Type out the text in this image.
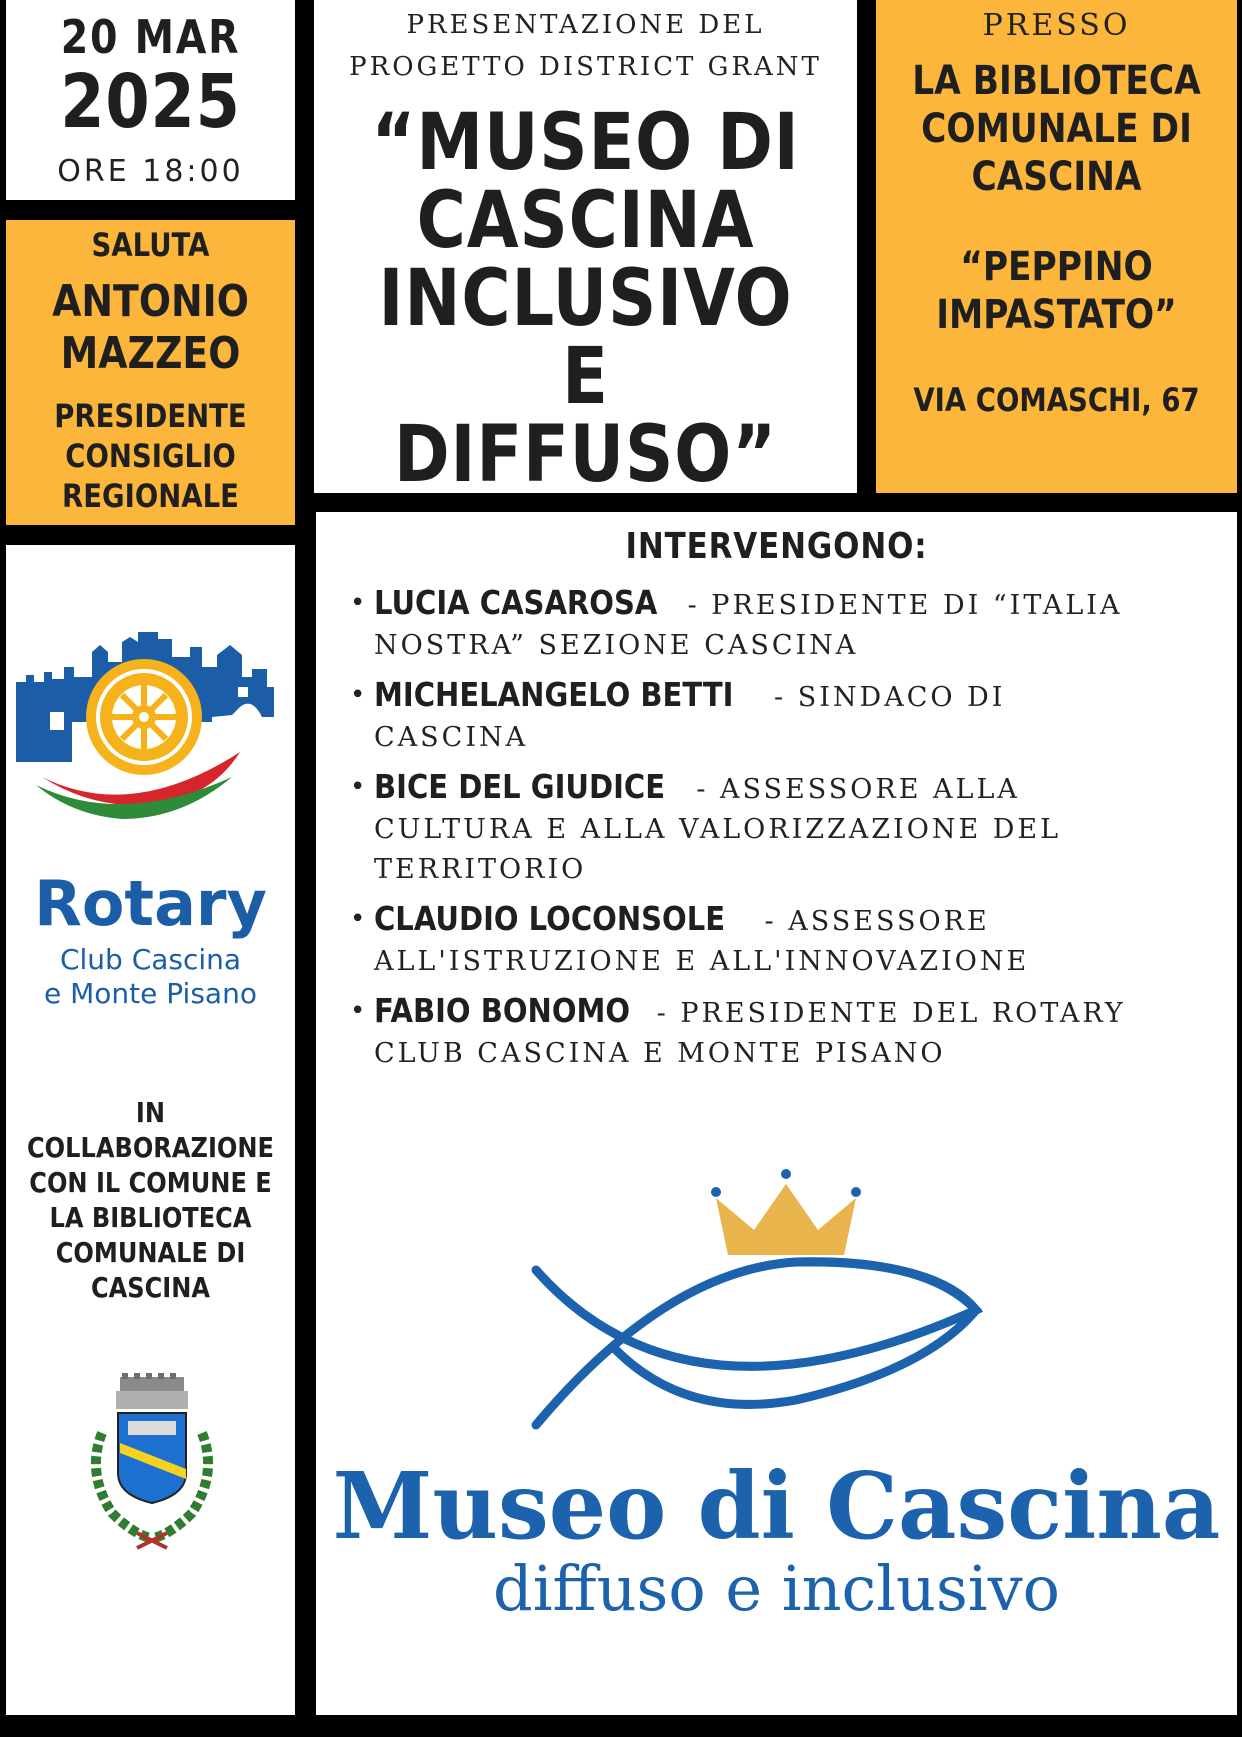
20 MAR
2025
ORE 18:00
SALUTA
ANTONIO
MAZZEO
PRESIDENTE
CONSIGLIO
REGIONALE
PRESENTAZIONE DEL
PROGETTO DISTRICT GRANT
“MUSEO DI
CASCINA
INCLUSIVO E
DIFFUSO”
PRESSO
LA BIBLIOTECA
COMUNALE DI
CASCINA
“PEPPINO
IMPASTATO”
VIA COMASCHI, 67
Rotary
Club Cascina
e Monte Pisano
IN
COLLABORAZIONE
CON IL COMUNE E
LA BIBLIOTECA
COMUNALE DI
CASCINA
INTERVENGONO:
• LUCIA CASAROSA - PRESIDENTE DI “ITALIA NOSTRA” SEZIONE CASCINA
• MICHELANGELO BETTI - SINDACO DI CASCINA
• BICE DEL GIUDICE - ASSESSORE ALLA CULTURA E ALLA VALORIZZAZIONE DEL TERRITORIO
• CLAUDIO LOCONSOLE - ASSESSORE ALL'ISTRUZIONE E ALL'INNOVAZIONE
• FABIO BONOMO - PRESIDENTE DEL ROTARY CLUB CASCINA E MONTE PISANO
Museo di Cascina
diffuso e inclusivo
